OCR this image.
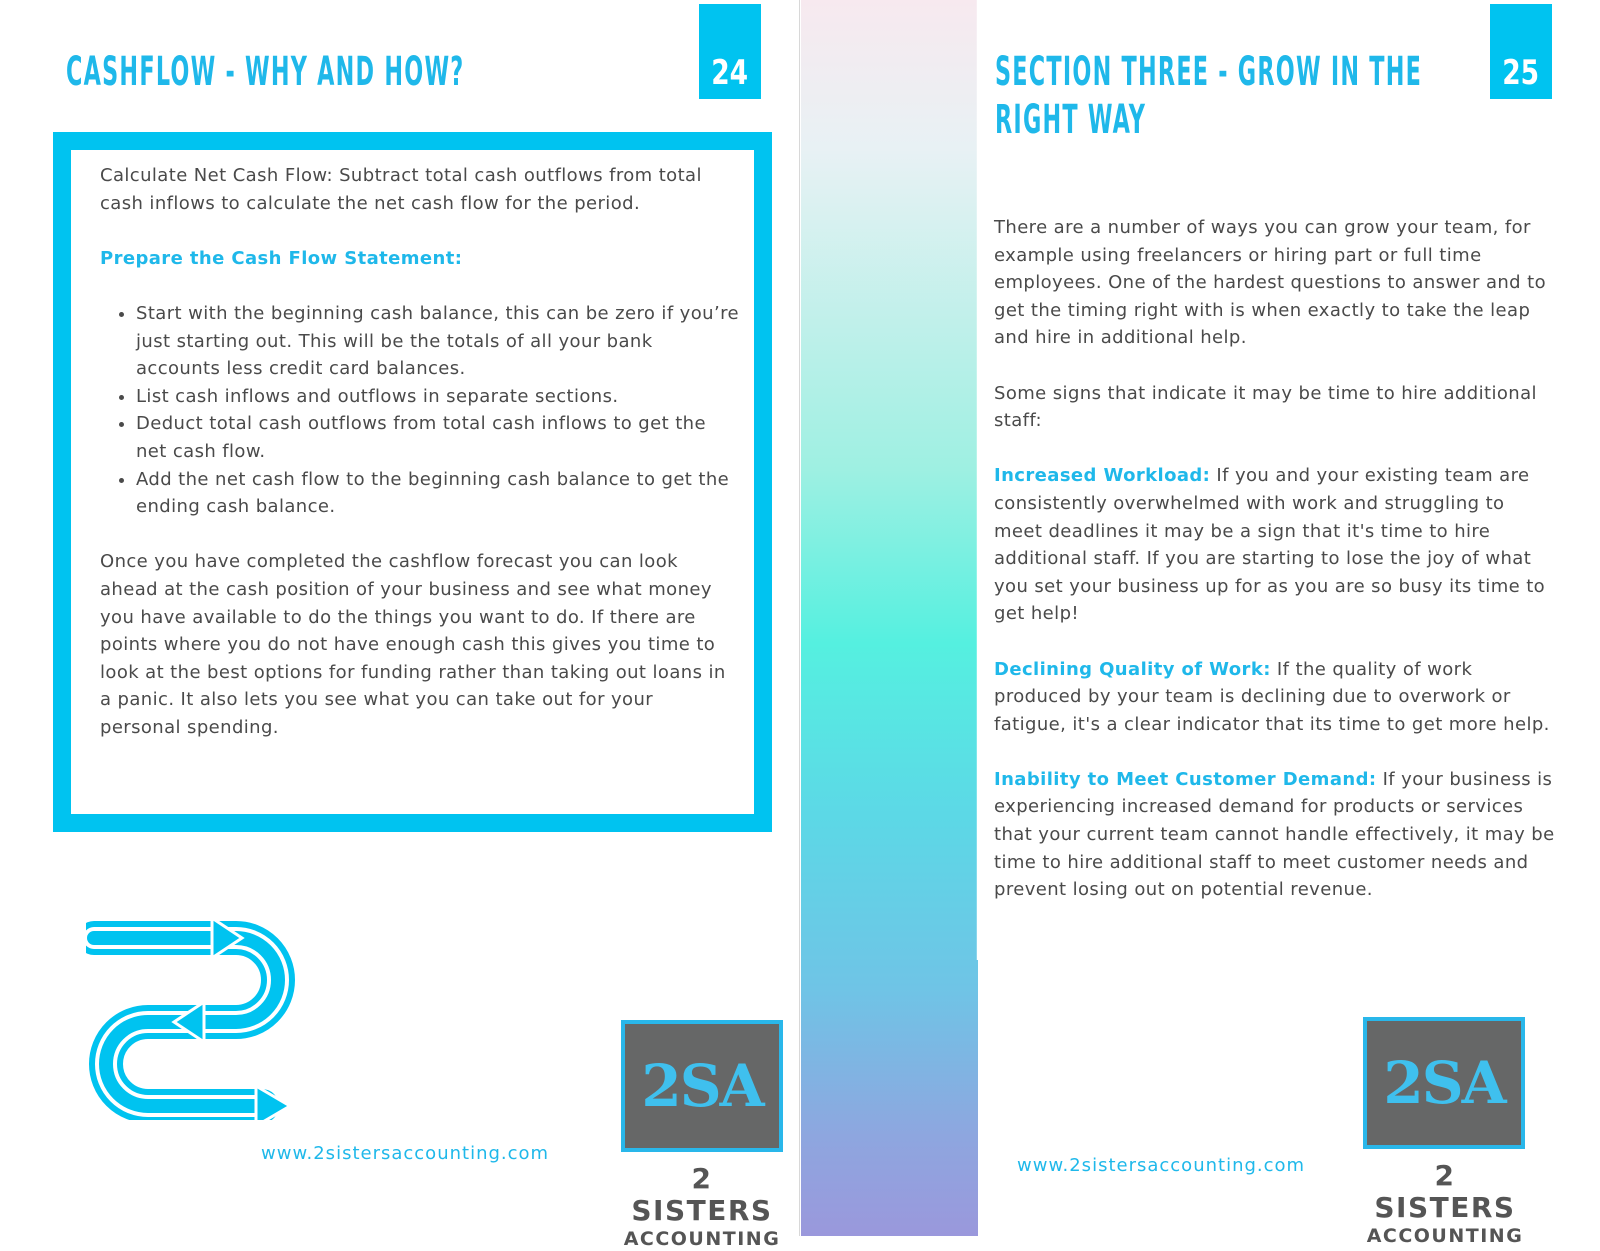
CASHFLOW - WHY AND HOW?	24

Calculate Net Cash Flow: Subtract total cash outflows from total cash inflows to calculate the net cash flow for the period.

Prepare the Cash Flow Statement:

• Start with the beginning cash balance, this can be zero if you’re just starting out. This will be the totals of all your bank accounts less credit card balances.
• List cash inflows and outflows in separate sections.
• Deduct total cash outflows from total cash inflows to get the net cash flow.
• Add the net cash flow to the beginning cash balance to get the ending cash balance.

Once you have completed the cashflow forecast you can look ahead at the cash position of your business and see what money you have available to do the things you want to do. If there are points where you do not have enough cash this gives you time to look at the best options for funding rather than taking out loans in a panic. It also lets you see what you can take out for your personal spending.

www.2sistersaccounting.com
2SA
2 SISTERS
ACCOUNTING
SECTION THREE - GROW IN THE
RIGHT WAY
25

There are a number of ways you can grow your team, for example using freelancers or hiring part or full time employees. One of the hardest questions to answer and to get the timing right with is when exactly to take the leap and hire in additional help.

Some signs that indicate it may be time to hire additional staff:

Increased Workload: If you and your existing team are consistently overwhelmed with work and struggling to meet deadlines it may be a sign that it's time to hire additional staff. If you are starting to lose the joy of what you set your business up for as you are so busy its time to get help!

Declining Quality of Work: If the quality of work produced by your team is declining due to overwork or fatigue, it's a clear indicator that its time to get more help.

Inability to Meet Customer Demand: If your business is experiencing increased demand for products or services that your current team cannot handle effectively, it may be time to hire additional staff to meet customer needs and prevent losing out on potential revenue.

www.2sistersaccounting.com
2SA
2 SISTERS
ACCOUNTING
